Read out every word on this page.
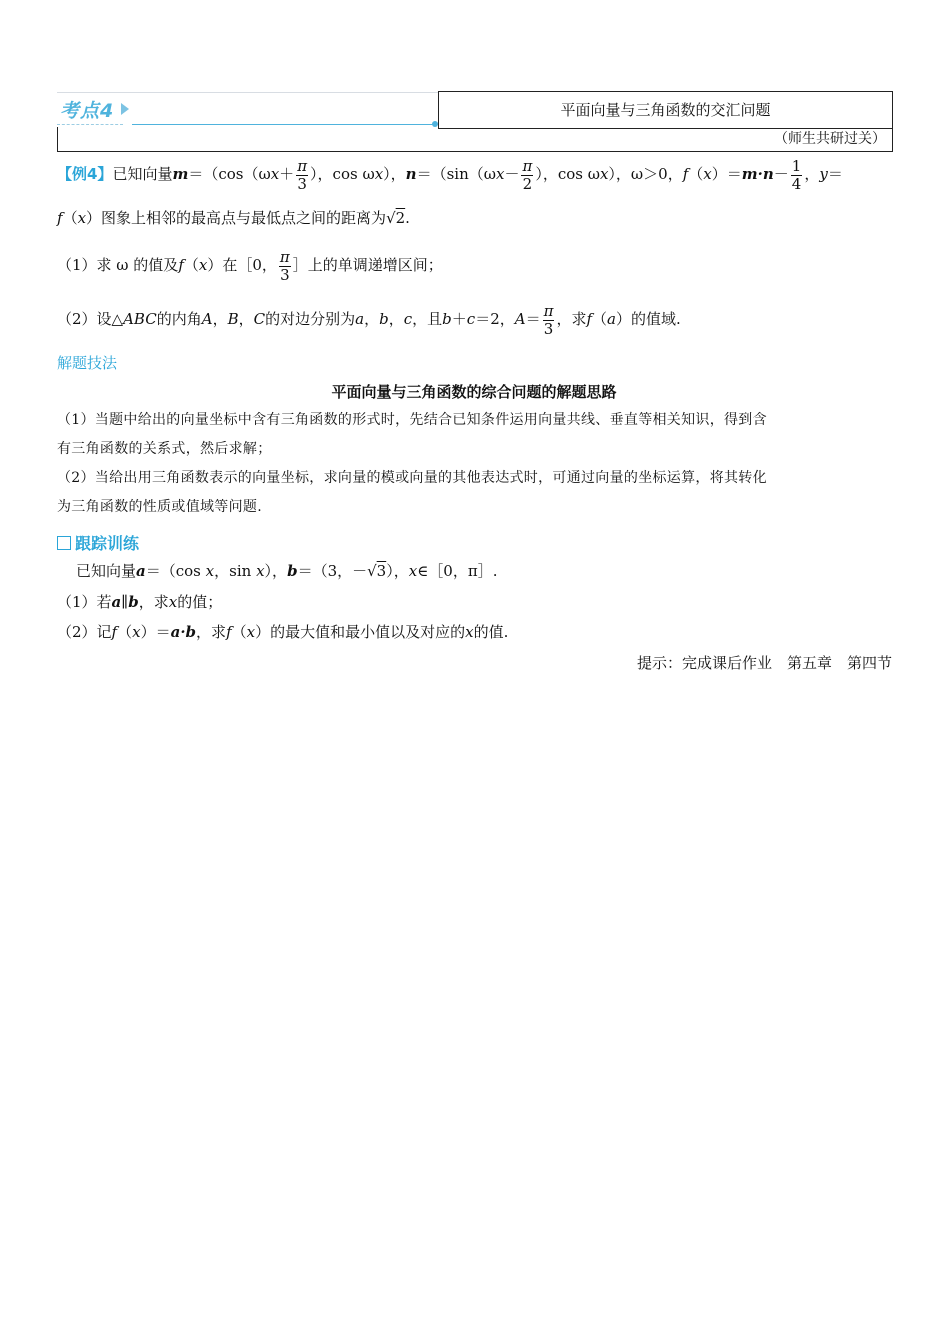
考点4	平面向量与三角函数的交汇问题
（师生共研过关）
【例4】已知向量$m=(\cos(\omega x+ \frac{\pi}{3}$ ），cos ωx），$n=(\sin(\omega x- \frac{\pi}{2}$ ），cos ωx），ω＞0，$f(x)=m\cdot n- \frac{1}{4}$ ，y＝
f（x）图象上相邻的最高点与最低点之间的距离为√2.
（1）求 ω 的值及f（x）在［0， $\frac{\pi}{3}$ ］上的单调递增区间；
（2）设△ABC的内角A，B，C的对边分别为a，b，c，且b＋c＝2，$A= \frac{\pi}{3}$ ，求f（a）的值域.
解题技法
平面向量与三角函数的综合问题的解题思路
（1）当题中给出的向量坐标中含有三角函数的形式时，先结合已知条件运用向量共线、垂直等相关知识，得到含
有三角函数的关系式，然后求解；
（2）当给出用三角函数表示的向量坐标，求向量的模或向量的其他表达式时，可通过向量的坐标运算，将其转化
为三角函数的性质或值域等问题.
跟踪训练
已知向量a＝（cos x，sin x），b＝（3，－√3），x∈［0，π］.
（1）若a∥b，求x的值；
（2）记f（x）＝a·b，求f（x）的最大值和最小值以及对应的x的值.
提示：完成课后作业　第五章　第四节
